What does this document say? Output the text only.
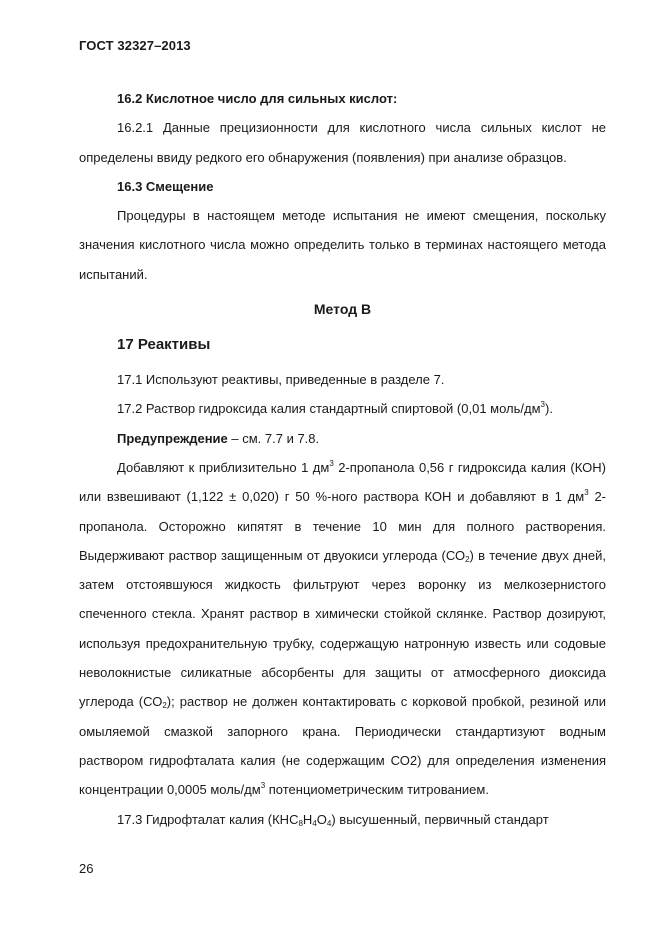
ГОСТ 32327–2013
16.2 Кислотное число для сильных кислот:

16.2.1 Данные прецизионности для кислотного числа сильных кислот не определены ввиду редкого его обнаружения (появления) при анализе образцов.

16.3 Смещение

Процедуры в настоящем методе испытания не имеют смещения, поскольку значения кислотного числа можно определить только в терминах настоящего метода испытаний.

Метод В
17 Реактивы

17.1 Используют реактивы, приведенные в разделе 7.

17.2 Раствор гидроксида калия стандартный спиртовой (0,01 моль/$дм^3$).

Предупреждение – см. 7.7 и 7.8.

Добавляют к приблизительно 1 $дм^3$ 2-пропанола 0,56 г гидроксида калия (КОН) или взвешивают (1,122 ± 0,020) г 50 %-ного раствора КОН и добавляют в 1 $дм^3$ 2-пропанола. Осторожно кипятят в течение 10 мин для полного растворения. Выдерживают раствор защищенным от двуокиси углерода $(СО_2)$ в течение двух дней, затем отстоявшуюся жидкость фильтруют через воронку из мелкозернистого спеченного стекла. Хранят раствор в химически стойкой склянке. Раствор дозируют, используя предохранительную трубку, содержащую натронную известь или содовые неволокнистые силикатные абсорбенты для защиты от атмосферного диоксида углерода $(СО_2)$; раствор не должен контактировать с корковой пробкой, резиной или омыляемой смазкой запорного крана. Периодически стандартизуют водным раствором гидрофталата калия (не содержащим СО2) для определения изменения концентрации 0,0005 моль/$дм^3$ потенциометрическим титрованием.

17.3 Гидрофталат калия $(КНС_8Н_4О_4)$ высушенный, первичный стандарт

26
